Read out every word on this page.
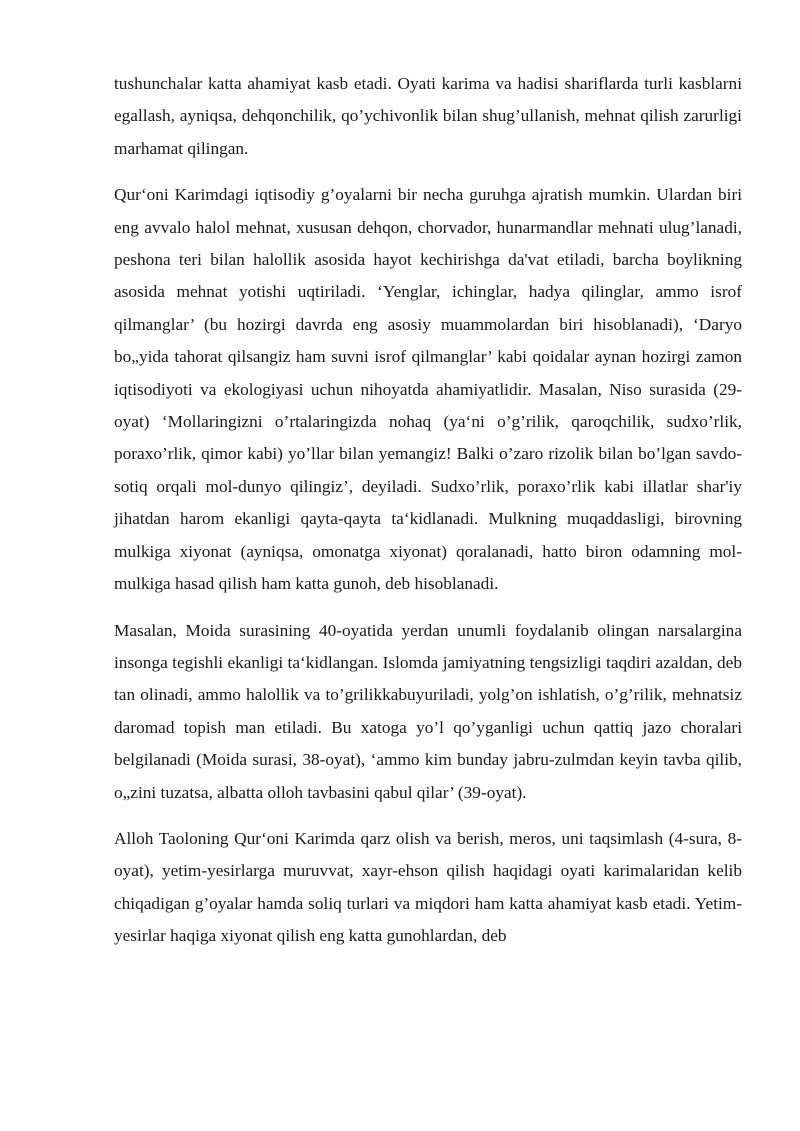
tushunchalar katta ahamiyat kasb etadi. Oyati karima va hadisi shariflarda turli kasblarni egallash, ayniqsa, dehqonchilik, qo’ychivonlik bilan shug’ullanish, mehnat qilish zarurligi marhamat qilingan.

Qur‘oni Karimdagi iqtisodiy g’oyalarni bir necha guruhga ajratish mumkin. Ulardan biri eng avvalo halol mehnat, xususan dehqon, chorvador, hunarmandlar mehnati ulug’lanadi, peshona teri bilan halollik asosida hayot kechirishga da'vat etiladi, barcha boylikning asosida mehnat yotishi uqtiriladi. ‘Yenglar, ichinglar, hadya qilinglar, ammo isrof qilmanglar’ (bu hozirgi davrda eng asosiy muammolardan biri hisoblanadi), ‘Daryo bo„yida tahorat qilsangiz ham suvni isrof qilmanglar’ kabi qoidalar aynan hozirgi zamon iqtisodiyoti va ekologiyasi uchun nihoyatda ahamiyatlidir. Masalan, Niso surasida (29-oyat) ‘Mollaringizni o’rtalaringizda nohaq (ya‘ni o’g’rilik, qaroqchilik, sudxo’rlik, poraxo’rlik, qimor kabi) yo’llar bilan yemangiz! Balki o’zaro rizolik bilan bo’lgan savdo-sotiq orqali mol-dunyo qilingiz’, deyiladi. Sudxo’rlik, poraxo’rlik kabi illatlar shar'iy jihatdan harom ekanligi qayta-qayta ta‘kidlanadi. Mulkning muqaddasligi, birovning mulkiga xiyonat (ayniqsa, omonatga xiyonat) qoralanadi, hatto biron odamning mol-mulkiga hasad qilish ham katta gunoh, deb hisoblanadi.

Masalan, Moida surasining 40-oyatida yerdan unumli foydalanib olingan narsalargina insonga tegishli ekanligi ta‘kidlangan. Islomda jamiyatning tengsizligi taqdiri azaldan, deb tan olinadi, ammo halollik va to’grilikkabuyuriladi, yolg’on ishlatish, o’g’rilik, mehnatsiz daromad topish man etiladi. Bu xatoga yo’l qo’yganligi uchun qattiq jazo choralari belgilanadi (Moida surasi, 38-oyat), ‘ammo kim bunday jabru-zulmdan keyin tavba qilib, o„zini tuzatsa, albatta olloh tavbasini qabul qilar’ (39-oyat).

Alloh Taoloning Qur‘oni Karimda qarz olish va berish, meros, uni taqsimlash (4-sura, 8-oyat), yetim-yesirlarga muruvvat, xayr-ehson qilish haqidagi oyati karimalaridan kelib chiqadigan g’oyalar hamda soliq turlari va miqdori ham katta ahamiyat kasb etadi. Yetim-yesirlar haqiga xiyonat qilish eng katta gunohlardan, deb
